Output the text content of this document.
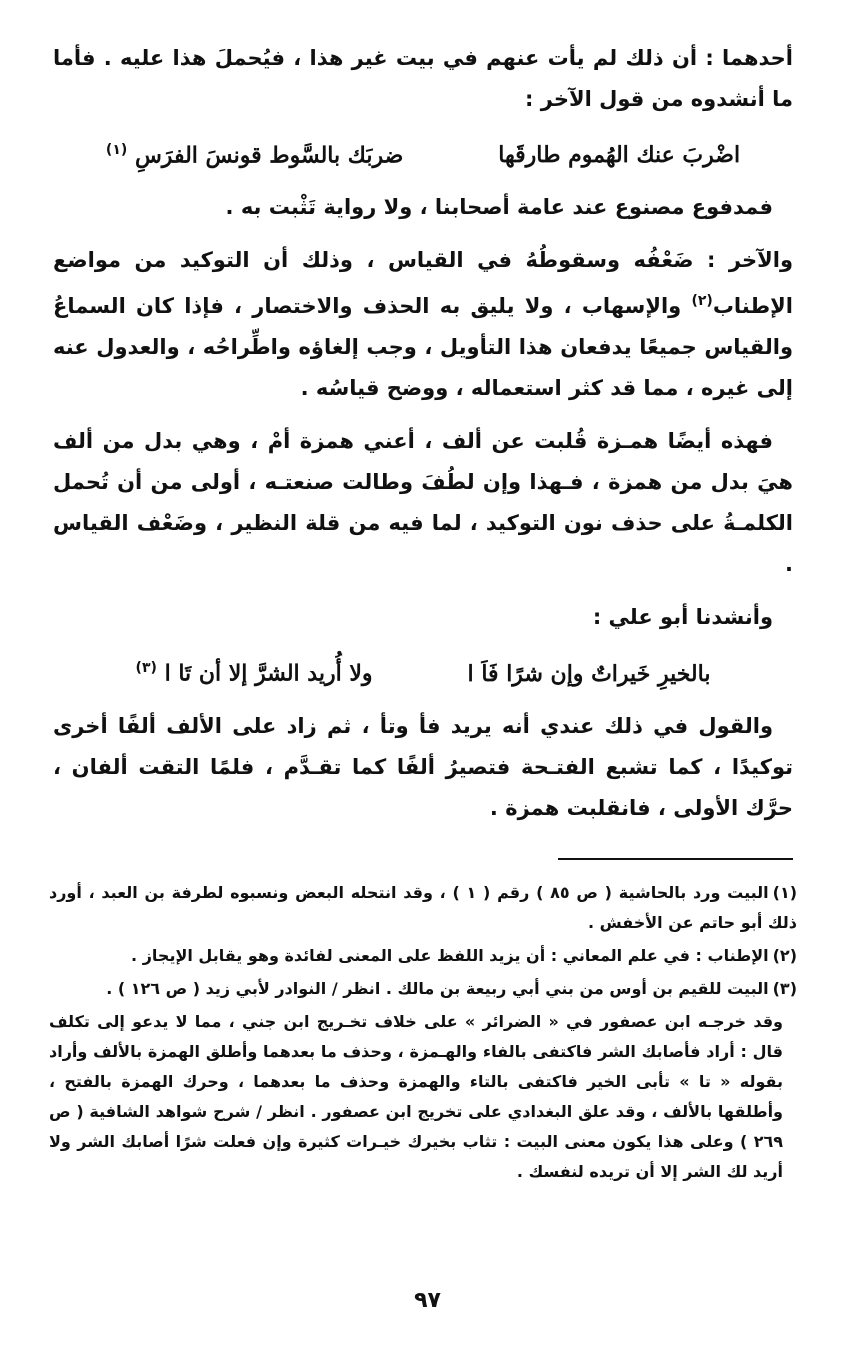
أحدهما : أن ذلك لم يأت عنهم في بيت غير هذا ، فيُحملَ هذا عليه . فأما ما أنشدوه من قول الآخر :

اضْربَ عنك الهُموم طارقَها
ضربَك بالسَّوط قونسَ الفرَسِ $^{(١)}$

فمدفوع مصنوع عند عامة أصحابنا ، ولا رواية تَثْبت به .

والآخر : ضَعْفُه وسقوطُهُ في القياس ، وذلك أن التوكيد من مواضع الإطناب$^{(٢)}$ والإسهاب ، ولا يليق به الحذف والاختصار ، فإذا كان السماعُ والقياس جميعًا يدفعان هذا التأويل ، وجب إلغاؤه واطِّراحُه ، والعدول عنه إلى غيره ، مما قد كثر استعماله ، ووضح قياسُه .

فهذه أيضًا همـزة قُلبت عن ألف ، أعني همزة أمْ ، وهي بدل من ألف هيَ بدل من همزة ، فـهذا وإن لطُفَ وطالت صنعتـه ، أولى من أن تُحمل الكلمـةُ على حذف نون التوكيد ، لما فيه من قلة النظير ، وضَعْف القياس .

وأنشدنا أبو علي :

بالخيرِ خَيراتٌ وإن شرًا فَاَ ا
ولا أُريد الشرَّ إلا أن تَا ا $^{(٣)}$

والقول في ذلك عندي أنه يريد فأ وتأ ، ثم زاد على الألف ألفًا أخرى توكيدًا ، كما تشبع الفتـحة فتصيرُ ألفًا كما تقـدَّم ، فلمًا التقت ألفان ، حرَّك الأولى ، فانقلبت همزة .

(١)البيت ورد بالحاشية ( ص ٨٥ ) رقم ( ١ ) ، وقد انتحله البعض ونسبوه لطرفة بن العبد ، أورد ذلك أبو حاتم عن الأخفش .

(٢)الإطناب : في علم المعاني : أن يزيد اللفظ على المعنى لفائدة وهو يقابل الإيجاز .

(٣)البيت للقيم بن أوس من بني أبي ربيعة بن مالك . انظر / النوادر لأبي زيد ( ص ١٢٦ ) .

وقد خرجـه ابن عصفور في « الضرائر » على خلاف تخـريج ابن جني ، مما لا يدعو إلى تكلف قال : أراد فأصابك الشر فاكتفى بالفاء والهـمزة ، وحذف ما بعدهما وأطلق الهمزة بالألف وأراد بقوله « تا » تأبى الخير فاكتفى بالتاء والهمزة وحذف ما بعدهما ، وحرك الهمزة بالفتح ، وأطلقها بالألف ، وقد علق البغدادي على تخريج ابن عصفور . انظر / شرح شواهد الشافية ( ص ٢٦٩ ) وعلى هذا يكون معنى البيت : تثاب بخيرك خيـرات كثيرة وإن فعلت شرًا أصابك الشر ولا أريد لك الشر إلا أن تريده لنفسك .

٩٧
